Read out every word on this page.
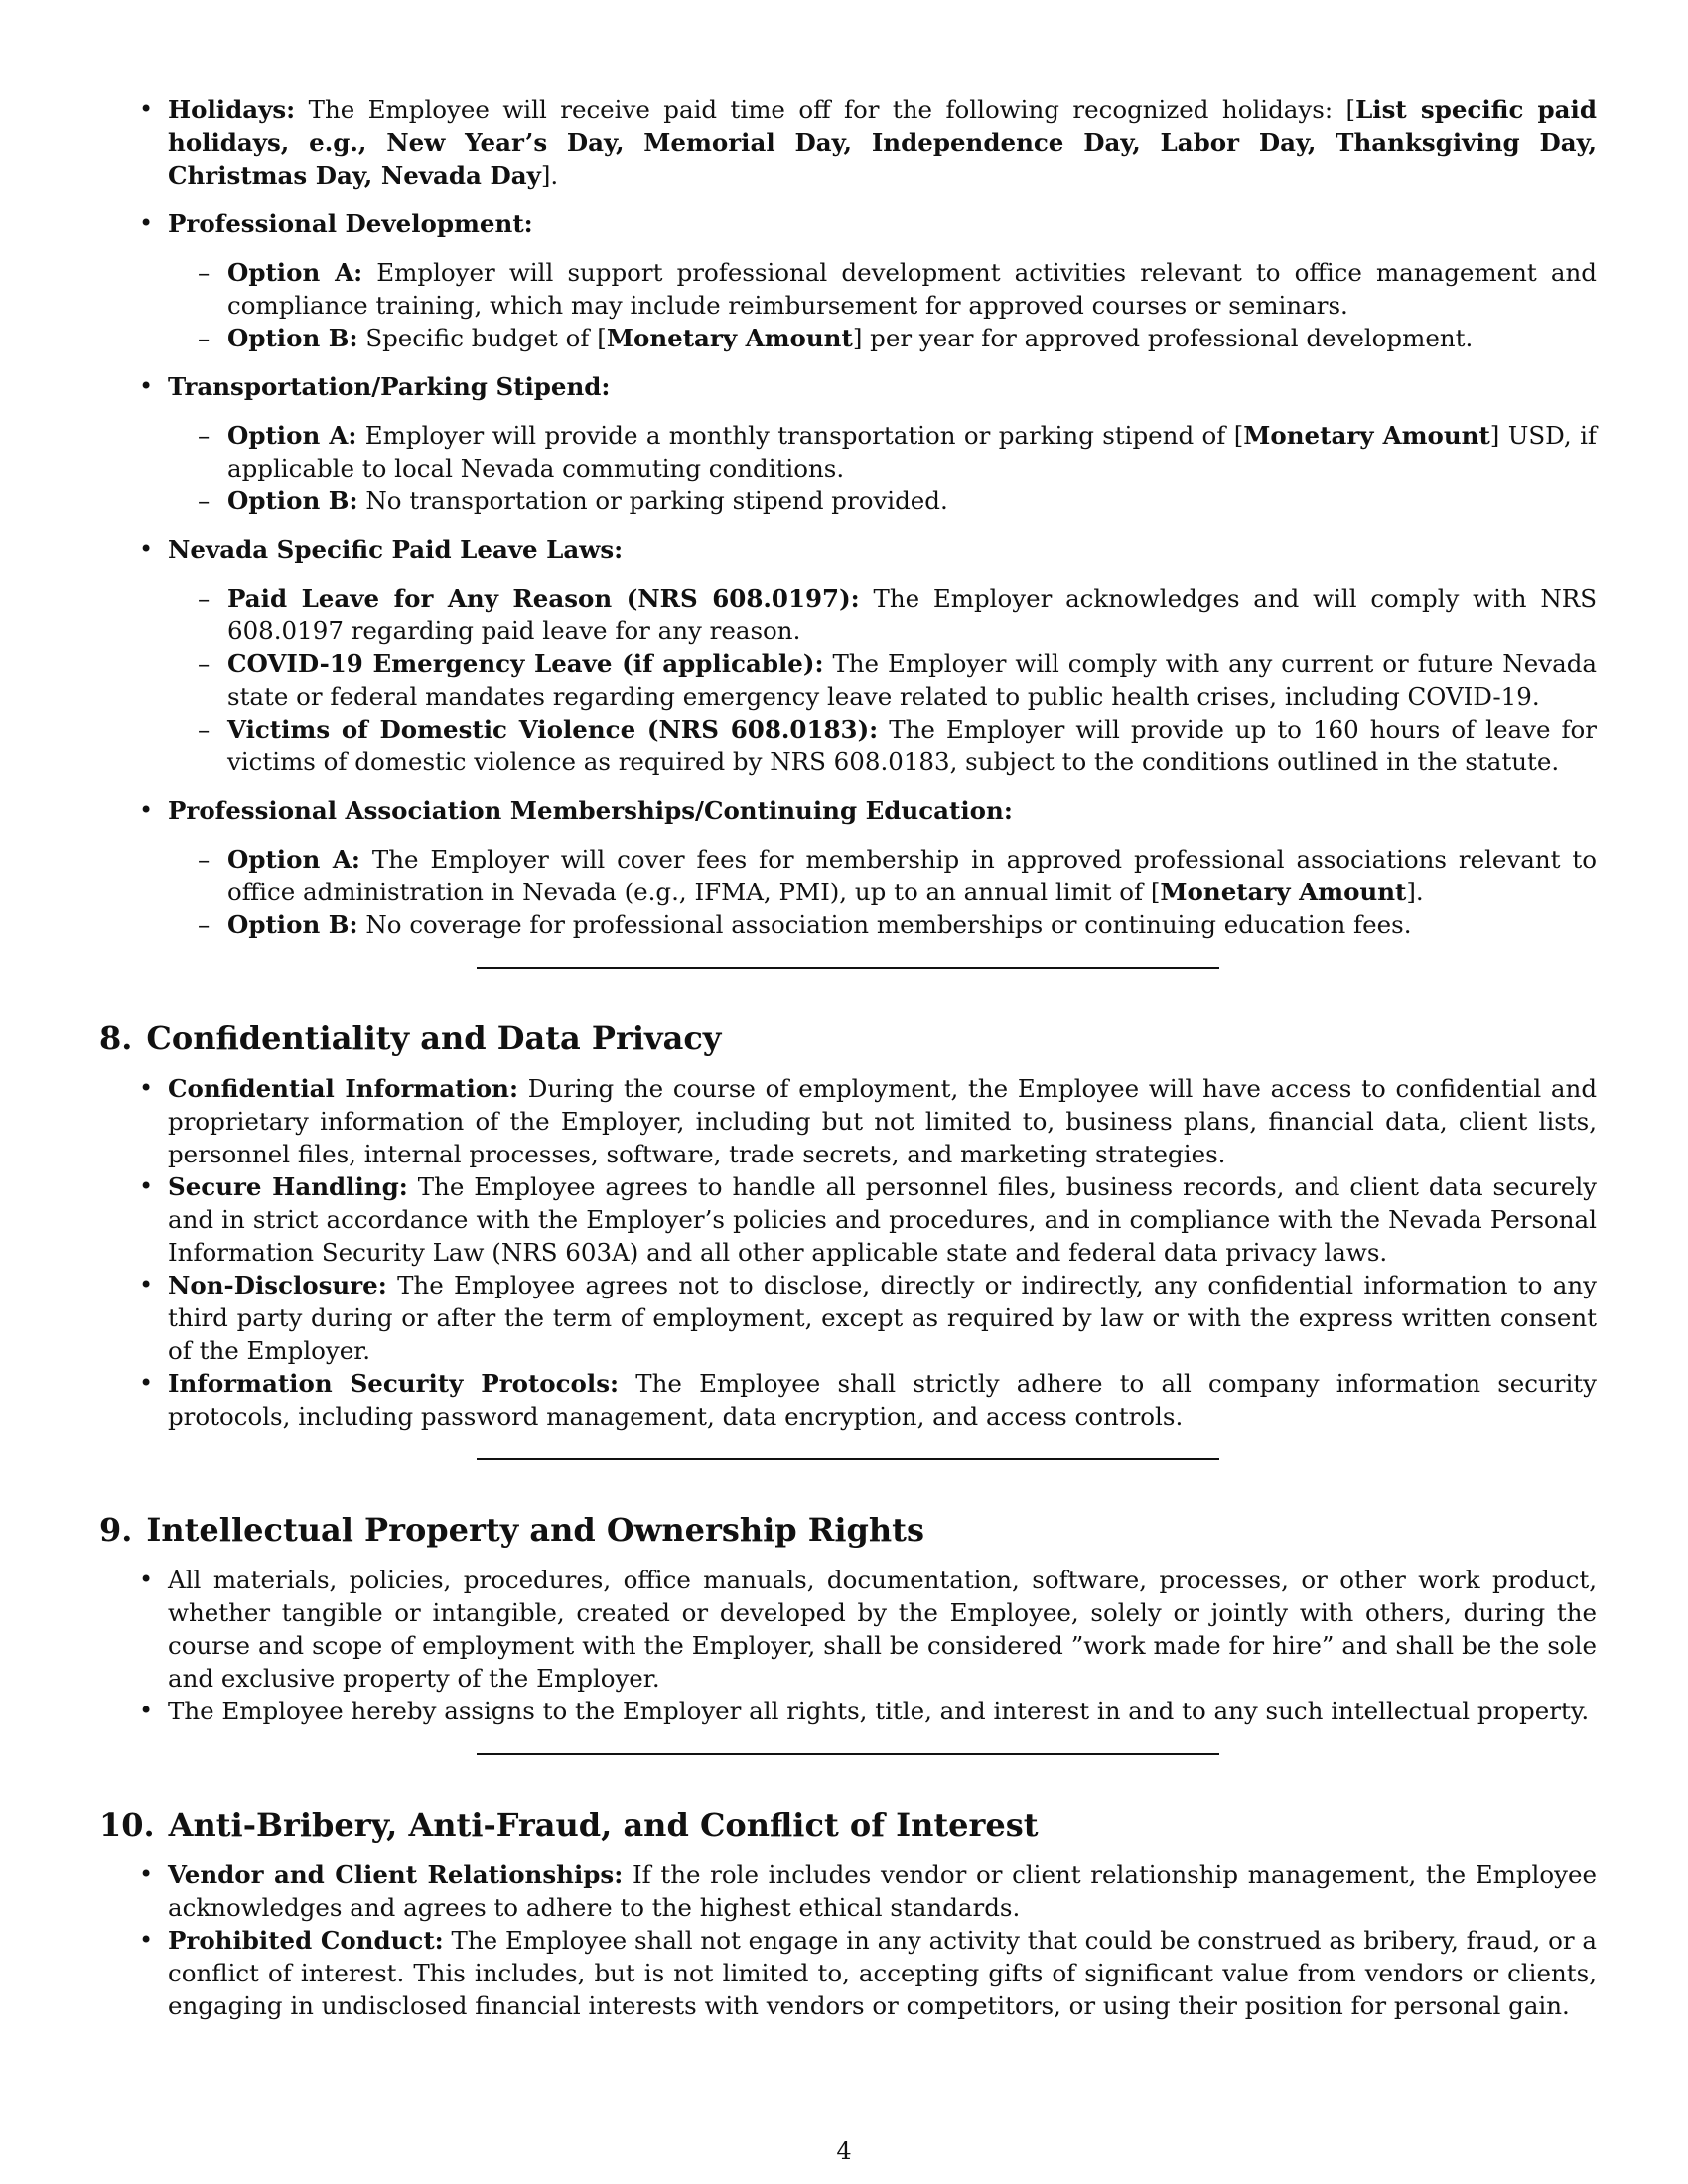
• Holidays: The Employee will receive paid time off for the following recognized holidays: [List specific paid holidays, e.g., New Year’s Day, Memorial Day, Independence Day, Labor Day, Thanksgiving Day, Christmas Day, Nevada Day].
• Professional Development:
– Option A: Employer will support professional development activities relevant to office management and compliance training, which may include reimbursement for approved courses or seminars.
– Option B: Specific budget of [Monetary Amount] per year for approved professional development.
• Transportation/Parking Stipend:
– Option A: Employer will provide a monthly transportation or parking stipend of [Monetary Amount] USD, if applicable to local Nevada commuting conditions.
– Option B: No transportation or parking stipend provided.
• Nevada Specific Paid Leave Laws:
– Paid Leave for Any Reason (NRS 608.0197): The Employer acknowledges and will comply with NRS 608.0197 regarding paid leave for any reason.
– COVID-19 Emergency Leave (if applicable): The Employer will comply with any current or future Nevada state or federal mandates regarding emergency leave related to public health crises, including COVID-19.
– Victims of Domestic Violence (NRS 608.0183): The Employer will provide up to 160 hours of leave for victims of domestic violence as required by NRS 608.0183, subject to the conditions outlined in the statute.
• Professional Association Memberships/Continuing Education:
– Option A: The Employer will cover fees for membership in approved professional associations relevant to office administration in Nevada (e.g., IFMA, PMI), up to an annual limit of [Monetary Amount].
– Option B: No coverage for professional association memberships or continuing education fees.
8. Confidentiality and Data Privacy
• Confidential Information: During the course of employment, the Employee will have access to confidential and proprietary information of the Employer, including but not limited to, business plans, financial data, client lists, personnel files, internal processes, software, trade secrets, and marketing strategies.
• Secure Handling: The Employee agrees to handle all personnel files, business records, and client data securely and in strict accordance with the Employer’s policies and procedures, and in compliance with the Nevada Personal Information Security Law (NRS 603A) and all other applicable state and federal data privacy laws.
• Non-Disclosure: The Employee agrees not to disclose, directly or indirectly, any confidential information to any third party during or after the term of employment, except as required by law or with the express written consent of the Employer.
• Information Security Protocols: The Employee shall strictly adhere to all company information security protocols, including password management, data encryption, and access controls.
9. Intellectual Property and Ownership Rights
• All materials, policies, procedures, office manuals, documentation, software, processes, or other work product, whether tangible or intangible, created or developed by the Employee, solely or jointly with others, during the course and scope of employment with the Employer, shall be considered ”work made for hire” and shall be the sole and exclusive property of the Employer.
• The Employee hereby assigns to the Employer all rights, title, and interest in and to any such intellectual property.
10. Anti-Bribery, Anti-Fraud, and Conflict of Interest
• Vendor and Client Relationships: If the role includes vendor or client relationship management, the Employee acknowledges and agrees to adhere to the highest ethical standards.
• Prohibited Conduct: The Employee shall not engage in any activity that could be construed as bribery, fraud, or a conflict of interest. This includes, but is not limited to, accepting gifts of significant value from vendors or clients, engaging in undisclosed financial interests with vendors or competitors, or using their position for personal gain.
4
